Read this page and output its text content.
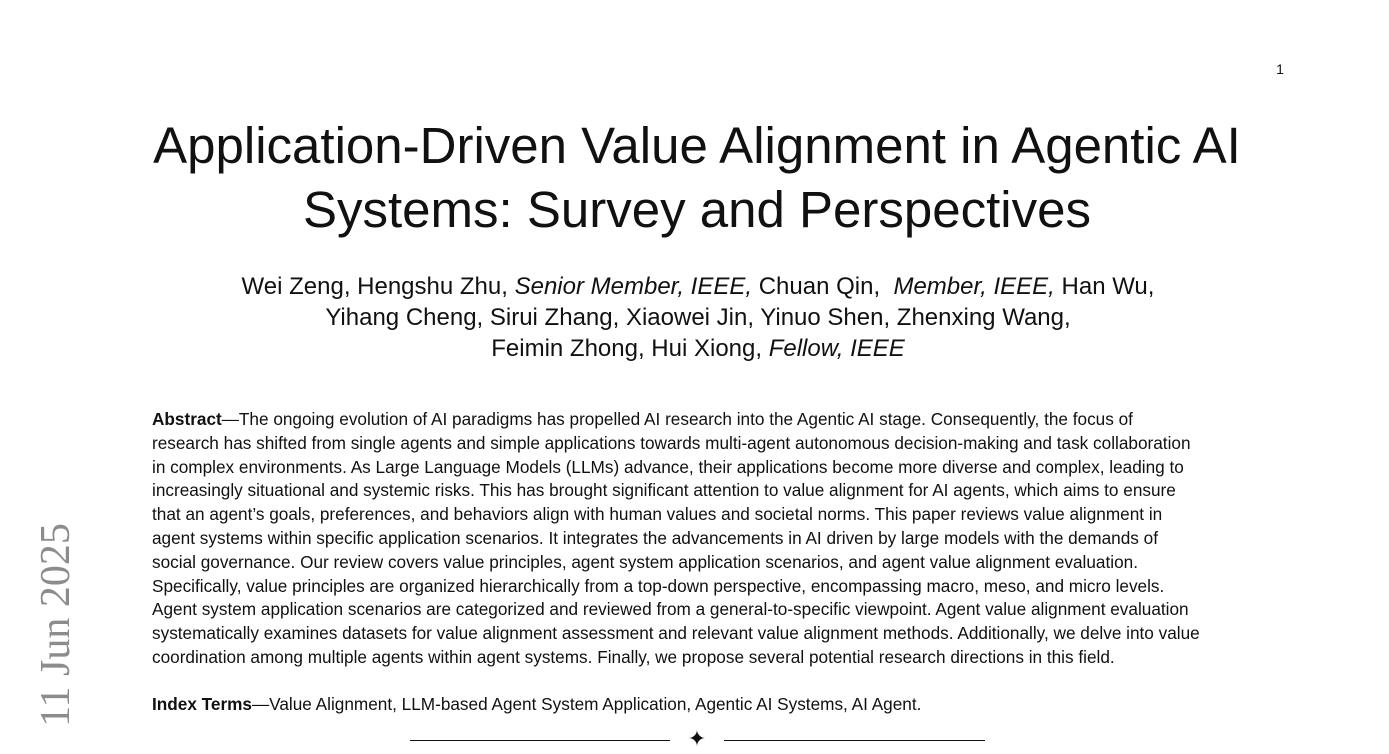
1
11 Jun 2025
Application-Driven Value Alignment in Agentic AI
Systems: Survey and Perspectives
Wei Zeng, Hengshu Zhu, Senior Member, IEEE, Chuan Qin,  Member, IEEE, Han Wu,
Yihang Cheng, Sirui Zhang, Xiaowei Jin, Yinuo Shen, Zhenxing Wang,
Feimin Zhong, Hui Xiong, Fellow, IEEE
Abstract—The ongoing evolution of AI paradigms has propelled AI research into the Agentic AI stage. Consequently, the focus of
research has shifted from single agents and simple applications towards multi-agent autonomous decision-making and task collaboration
in complex environments. As Large Language Models (LLMs) advance, their applications become more diverse and complex, leading to
increasingly situational and systemic risks. This has brought significant attention to value alignment for AI agents, which aims to ensure
that an agent’s goals, preferences, and behaviors align with human values and societal norms. This paper reviews value alignment in
agent systems within specific application scenarios. It integrates the advancements in AI driven by large models with the demands of
social governance. Our review covers value principles, agent system application scenarios, and agent value alignment evaluation.
Specifically, value principles are organized hierarchically from a top-down perspective, encompassing macro, meso, and micro levels.
Agent system application scenarios are categorized and reviewed from a general-to-specific viewpoint. Agent value alignment evaluation
systematically examines datasets for value alignment assessment and relevant value alignment methods. Additionally, we delve into value
coordination among multiple agents within agent systems. Finally, we propose several potential research directions in this field.
Index Terms—Value Alignment, LLM-based Agent System Application, Agentic AI Systems, AI Agent.
✦
